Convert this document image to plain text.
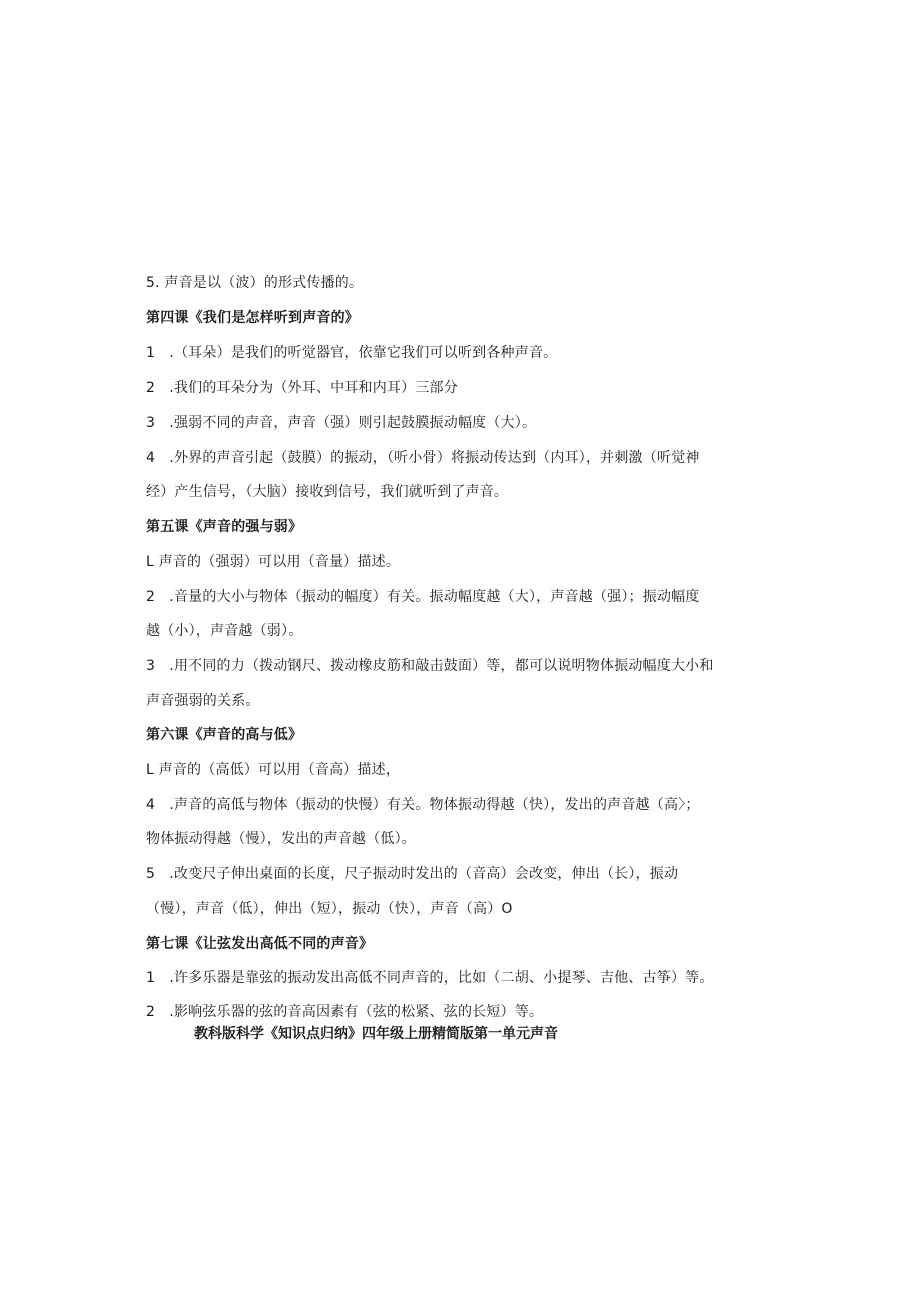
5. 声音是以（波）的形式传播的。
第四课《我们是怎样听到声音的》
1　.（耳朵）是我们的听觉器官，依靠它我们可以听到各种声音。
2　.我们的耳朵分为（外耳、中耳和内耳）三部分
3　.强弱不同的声音，声音（强）则引起鼓膜振动幅度（大）。
4　.外界的声音引起（鼓膜）的振动，（听小骨）将振动传达到（内耳），并刺激（听觉神
经）产生信号，（大脑）接收到信号，我们就听到了声音。
第五课《声音的强与弱》
L 声音的（强弱）可以用（音量）描述。
2　.音量的大小与物体（振动的幅度）有关。振动幅度越（大），声音越（强）；振动幅度
越（小），声音越（弱）。
3　.用不同的力（拨动钢尺、拨动橡皮筋和敲击鼓面）等，都可以说明物体振动幅度大小和
声音强弱的关系。
第六课《声音的高与低》
L 声音的（高低）可以用（音高）描述，
4　.声音的高低与物体（振动的快慢）有关。物体振动得越（快），发出的声音越（高〉；
物体振动得越（慢），发出的声音越（低）。
5　.改变尺子伸出桌面的长度，尺子振动时发出的（音高）会改变，伸出（长），振动
（慢），声音（低），伸出（短），振动（快），声音（高）O
第七课《让弦发出高低不同的声音》
1　.许多乐器是靠弦的振动发出高低不同声音的，比如（二胡、小提琴、吉他、古筝）等。
2　.影响弦乐器的弦的音高因素有（弦的松紧、弦的长短）等。
教科版科学《知识点归纳》四年级上册精简版第一单元声音
